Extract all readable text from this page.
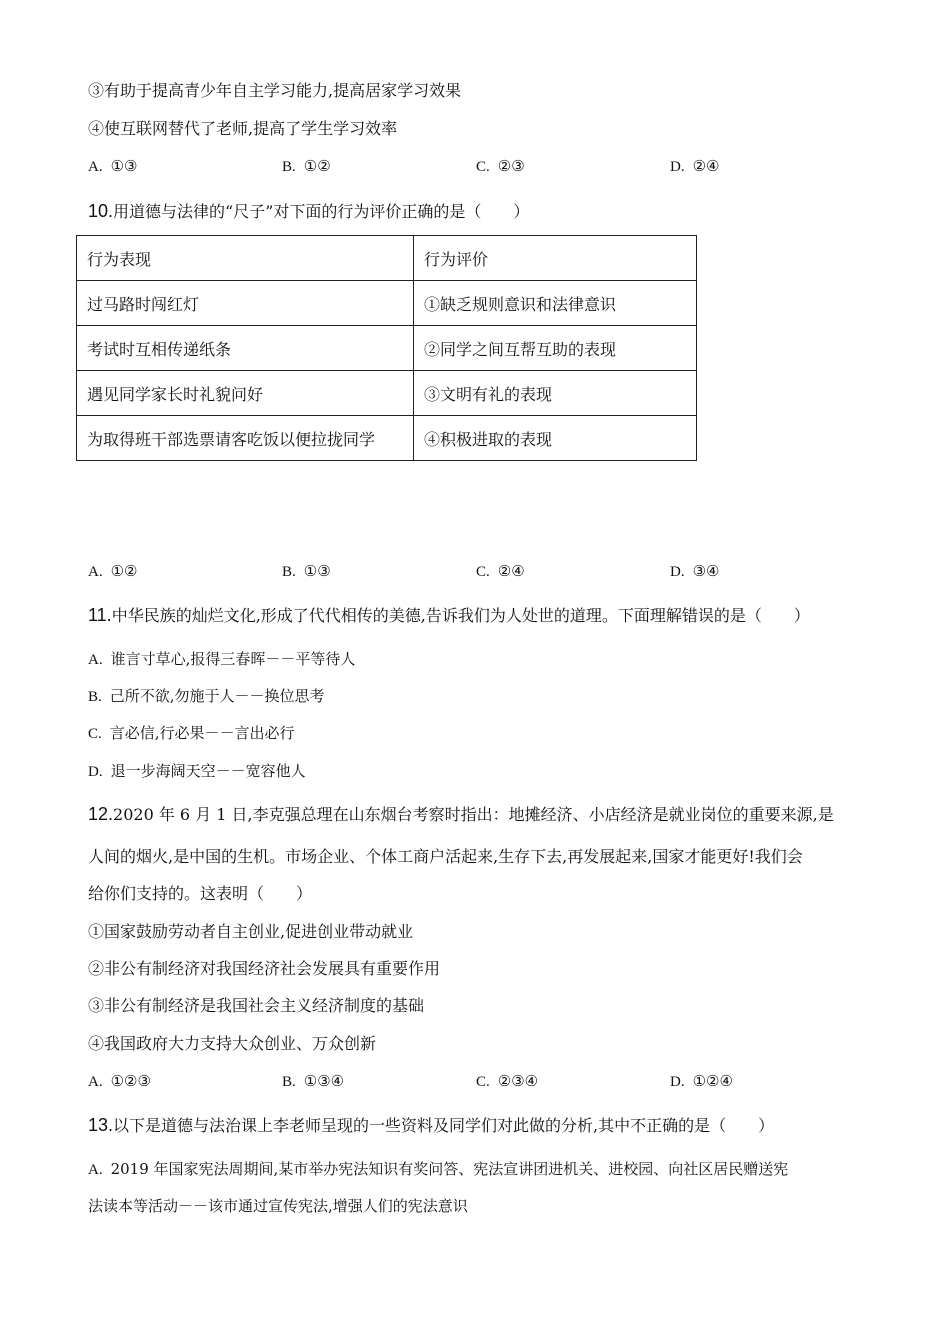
③有助于提高青少年自主学习能力,提高居家学习效果
④使互联网替代了老师,提高了学生学习效率
A. ①③	B. ①②	C. ②③	D. ②④
10.用道德与法律的“尺子”对下面的行为评价正确的是（　　）
行为表现	行为评价
过马路时闯红灯	①缺乏规则意识和法律意识
考试时互相传递纸条	②同学之间互帮互助的表现
遇见同学家长时礼貌问好	③文明有礼的表现
为取得班干部选票请客吃饭以便拉拢同学	④积极进取的表现
A. ①②	B. ①③	C. ②④	D. ③④
11.中华民族的灿烂文化,形成了代代相传的美德,告诉我们为人处世的道理。下面理解错误的是（　　）
A. 谁言寸草心,报得三春晖－－平等待人
B. 己所不欲,勿施于人－－换位思考
C. 言必信,行必果－－言出必行
D. 退一步海阔天空－－宽容他人
12.2020 年 6 月 1 日,李克强总理在山东烟台考察时指出：地摊经济、小店经济是就业岗位的重要来源,是
人间的烟火,是中国的生机。市场企业、个体工商户活起来,生存下去,再发展起来,国家才能更好!我们会
给你们支持的。这表明（　　）
①国家鼓励劳动者自主创业,促进创业带动就业
②非公有制经济对我国经济社会发展具有重要作用
③非公有制经济是我国社会主义经济制度的基础
④我国政府大力支持大众创业、万众创新
A. ①②③	B. ①③④	C. ②③④	D. ①②④
13.以下是道德与法治课上李老师呈现的一些资料及同学们对此做的分析,其中不正确的是（　　）
A. 2019 年国家宪法周期间,某市举办宪法知识有奖问答、宪法宣讲团进机关、进校园、向社区居民赠送宪
法读本等活动－－该市通过宣传宪法,增强人们的宪法意识
